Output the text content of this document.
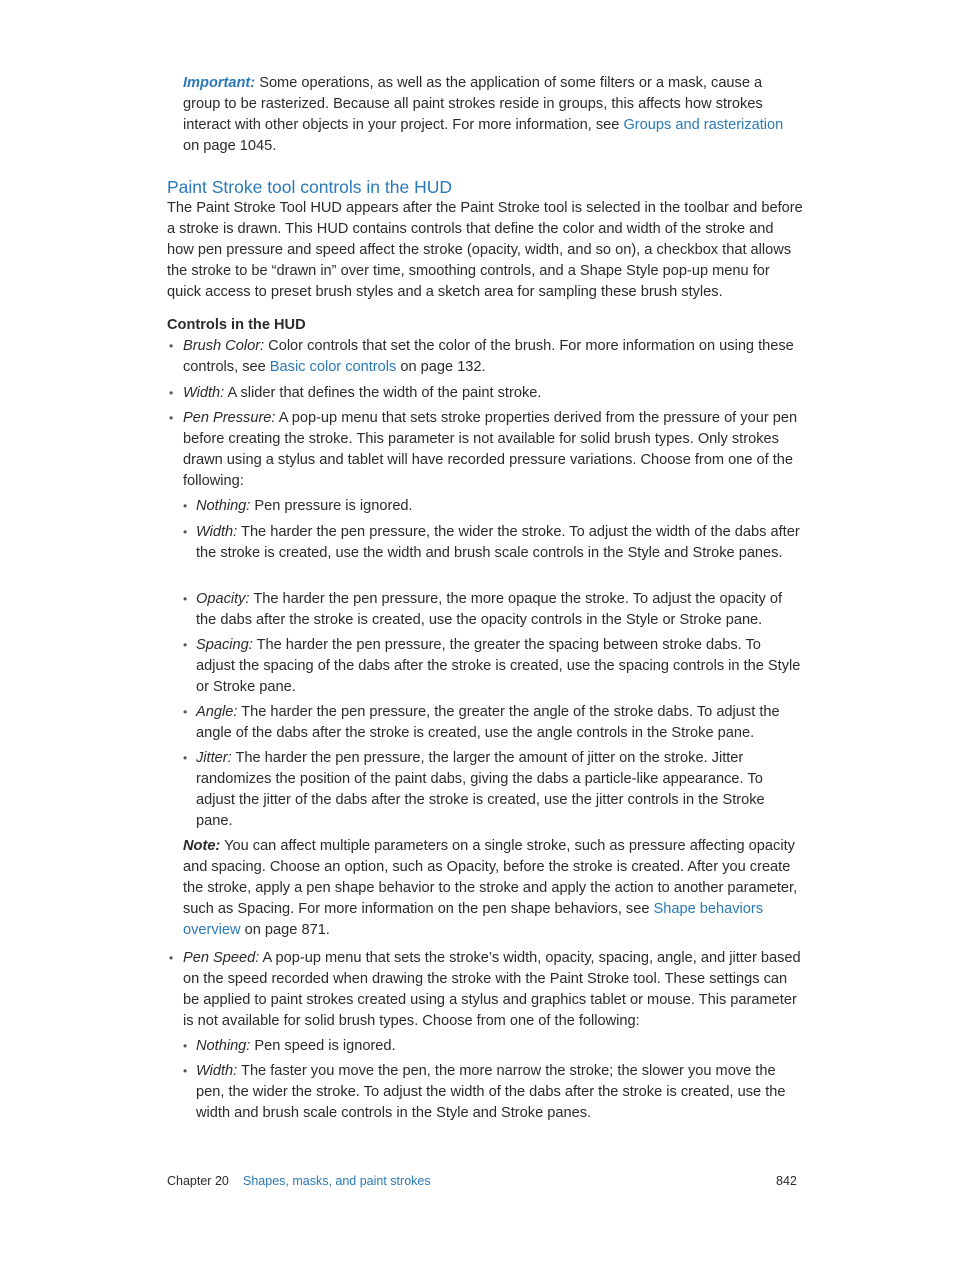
Important: Some operations, as well as the application of some filters or a mask, cause a group to be rasterized. Because all paint strokes reside in groups, this affects how strokes interact with other objects in your project. For more information, see Groups and rasterization on page 1045.

Paint Stroke tool controls in the HUD

The Paint Stroke Tool HUD appears after the Paint Stroke tool is selected in the toolbar and before a stroke is drawn. This HUD contains controls that define the color and width of the stroke and how pen pressure and speed affect the stroke (opacity, width, and so on), a checkbox that allows the stroke to be “drawn in” over time, smoothing controls, and a Shape Style pop-up menu for quick access to preset brush styles and a sketch area for sampling these brush styles.

Controls in the HUD

• Brush Color: Color controls that set the color of the brush. For more information on using these controls, see Basic color controls on page 132.

• Width: A slider that defines the width of the paint stroke.

• Pen Pressure: A pop-up menu that sets stroke properties derived from the pressure of your pen before creating the stroke. This parameter is not available for solid brush types. Only strokes drawn using a stylus and tablet will have recorded pressure variations. Choose from one of the following:

• Nothing: Pen pressure is ignored.

• Width: The harder the pen pressure, the wider the stroke. To adjust the width of the dabs after the stroke is created, use the width and brush scale controls in the Style and Stroke panes.

• Opacity: The harder the pen pressure, the more opaque the stroke. To adjust the opacity of the dabs after the stroke is created, use the opacity controls in the Style or Stroke pane.

• Spacing: The harder the pen pressure, the greater the spacing between stroke dabs. To adjust the spacing of the dabs after the stroke is created, use the spacing controls in the Style or Stroke pane.

• Angle: The harder the pen pressure, the greater the angle of the stroke dabs. To adjust the angle of the dabs after the stroke is created, use the angle controls in the Stroke pane.

• Jitter: The harder the pen pressure, the larger the amount of jitter on the stroke. Jitter randomizes the position of the paint dabs, giving the dabs a particle-like appearance. To adjust the jitter of the dabs after the stroke is created, use the jitter controls in the Stroke pane.

Note: You can affect multiple parameters on a single stroke, such as pressure affecting opacity and spacing. Choose an option, such as Opacity, before the stroke is created. After you create the stroke, apply a pen shape behavior to the stroke and apply the action to another parameter, such as Spacing. For more information on the pen shape behaviors, see Shape behaviors overview on page 871.

• Pen Speed: A pop-up menu that sets the stroke’s width, opacity, spacing, angle, and jitter based on the speed recorded when drawing the stroke with the Paint Stroke tool. These settings can be applied to paint strokes created using a stylus and graphics tablet or mouse. This parameter is not available for solid brush types. Choose from one of the following:

• Nothing: Pen speed is ignored.

• Width: The faster you move the pen, the more narrow the stroke; the slower you move the pen, the wider the stroke. To adjust the width of the dabs after the stroke is created, use the width and brush scale controls in the Style and Stroke panes.

Chapter 20 Shapes, masks, and paint strokes	842
